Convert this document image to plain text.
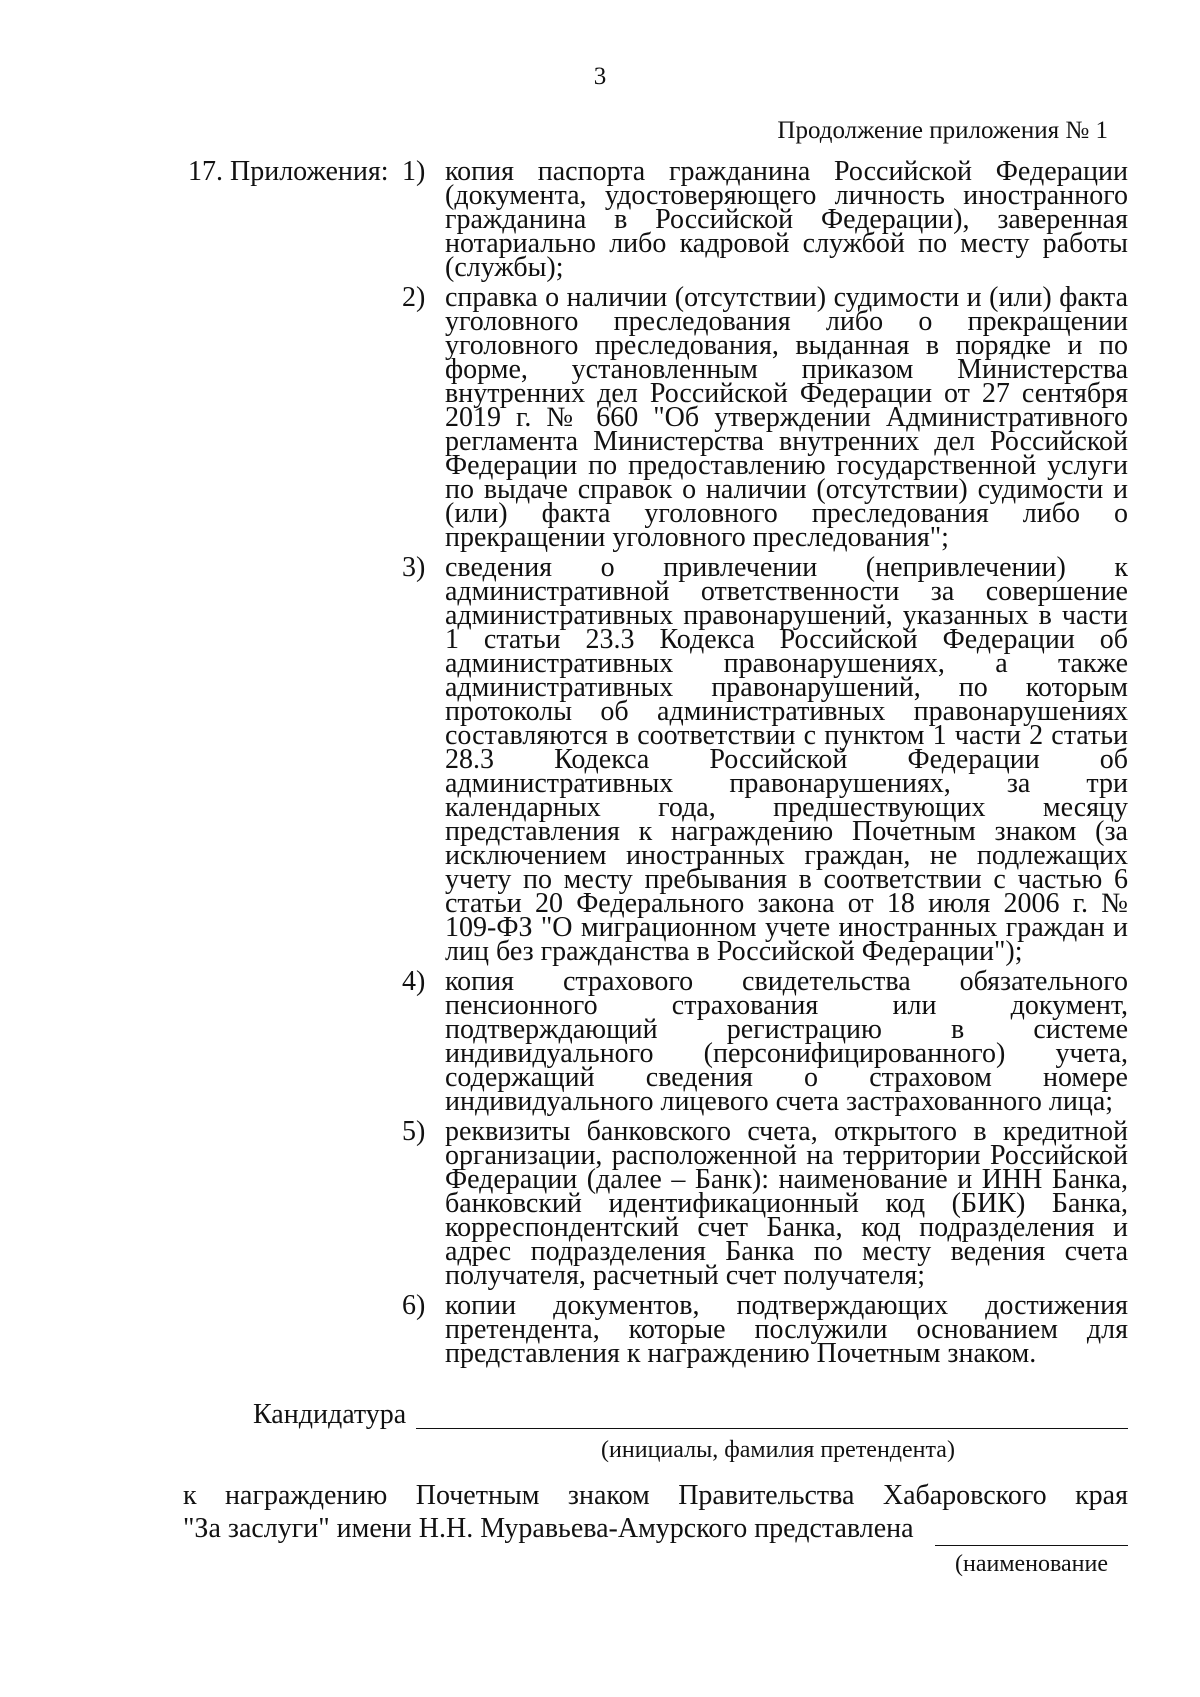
3
Продолжение приложения № 1
17. Приложения: 1) копия паспорта гражданина Российской Федерации (документа, удостоверяющего личность иностранного гражданина в Российской Федерации), заверенная нотариально либо кадровой службой по месту работы (службы);
2) справка о наличии (отсутствии) судимости и (или) факта уголовного преследования либо о прекращении уголовного преследования, выданная в порядке и по форме, установленным приказом Министерства внутренних дел Российской Федерации от 27 сентября 2019 г. № 660 "Об утверждении Административного регламента Министерства внутренних дел Российской Федерации по предоставлению государственной услуги по выдаче справок о наличии (отсутствии) судимости и (или) факта уголовного преследования либо о прекращении уголовного преследования";
3) сведения о привлечении (непривлечении) к административной ответственности за совершение административных правонарушений, указанных в части 1 статьи 23.3 Кодекса Российской Федерации об административных правонарушениях, а также административных правонарушений, по которым протоколы об административных правонарушениях составляются в соответствии с пунктом 1 части 2 статьи 28.3 Кодекса Российской Федерации об административных правонарушениях, за три календарных года, предшествующих месяцу представления к награждению Почетным знаком (за исключением иностранных граждан, не подлежащих учету по месту пребывания в соответствии с частью 6 статьи 20 Федерального закона от 18 июля 2006 г. № 109-ФЗ "О миграционном учете иностранных граждан и лиц без гражданства в Российской Федерации");
4) копия страхового свидетельства обязательного пенсионного страхования или документ, подтверждающий регистрацию в системе индивидуального (персонифицированного) учета, содержащий сведения о страховом номере индивидуального лицевого счета застрахованного лица;
5) реквизиты банковского счета, открытого в кредитной организации, расположенной на территории Российской Федерации (далее – Банк): наименование и ИНН Банка, банковский идентификационный код (БИК) Банка, корреспондентский счет Банка, код подразделения и адрес подразделения Банка по месту ведения счета получателя, расчетный счет получателя;
6) копии документов, подтверждающих достижения претендента, которые послужили основанием для представления к награждению Почетным знаком.
Кандидатура
(инициалы, фамилия претендента)
к награждению Почетным знаком Правительства Хабаровского края
"За заслуги" имени Н.Н. Муравьева-Амурского представлена
(наименование
